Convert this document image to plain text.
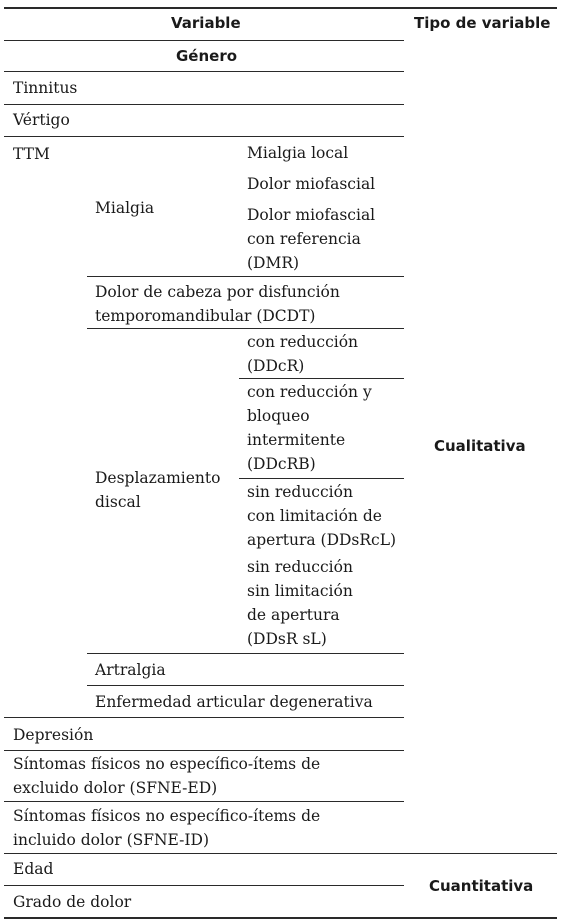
Variable	Tipo de variable
Género
Tinnitus
Vértigo
TTM
Mialgia
Mialgia local
Dolor miofascial
Dolor miofascial
con referencia
(DMR)
Dolor de cabeza por disfunción
temporomandibular (DCDT)
Desplazamiento
discal
con reducción
(DDcR)
con reducción y
bloqueo
intermitente
(DDcRB)
sin reducción
con limitación de
apertura (DDsRcL)
sin reducción
sin limitación
de apertura
(DDsR sL)
Artralgia
Enfermedad articular degenerativa
Depresión
Síntomas físicos no específico-ítems de
excluido dolor (SFNE-ED)
Síntomas físicos no específico-ítems de
incluido dolor (SFNE-ID)
Edad
Grado de dolor
Cualitativa
Cuantitativa
